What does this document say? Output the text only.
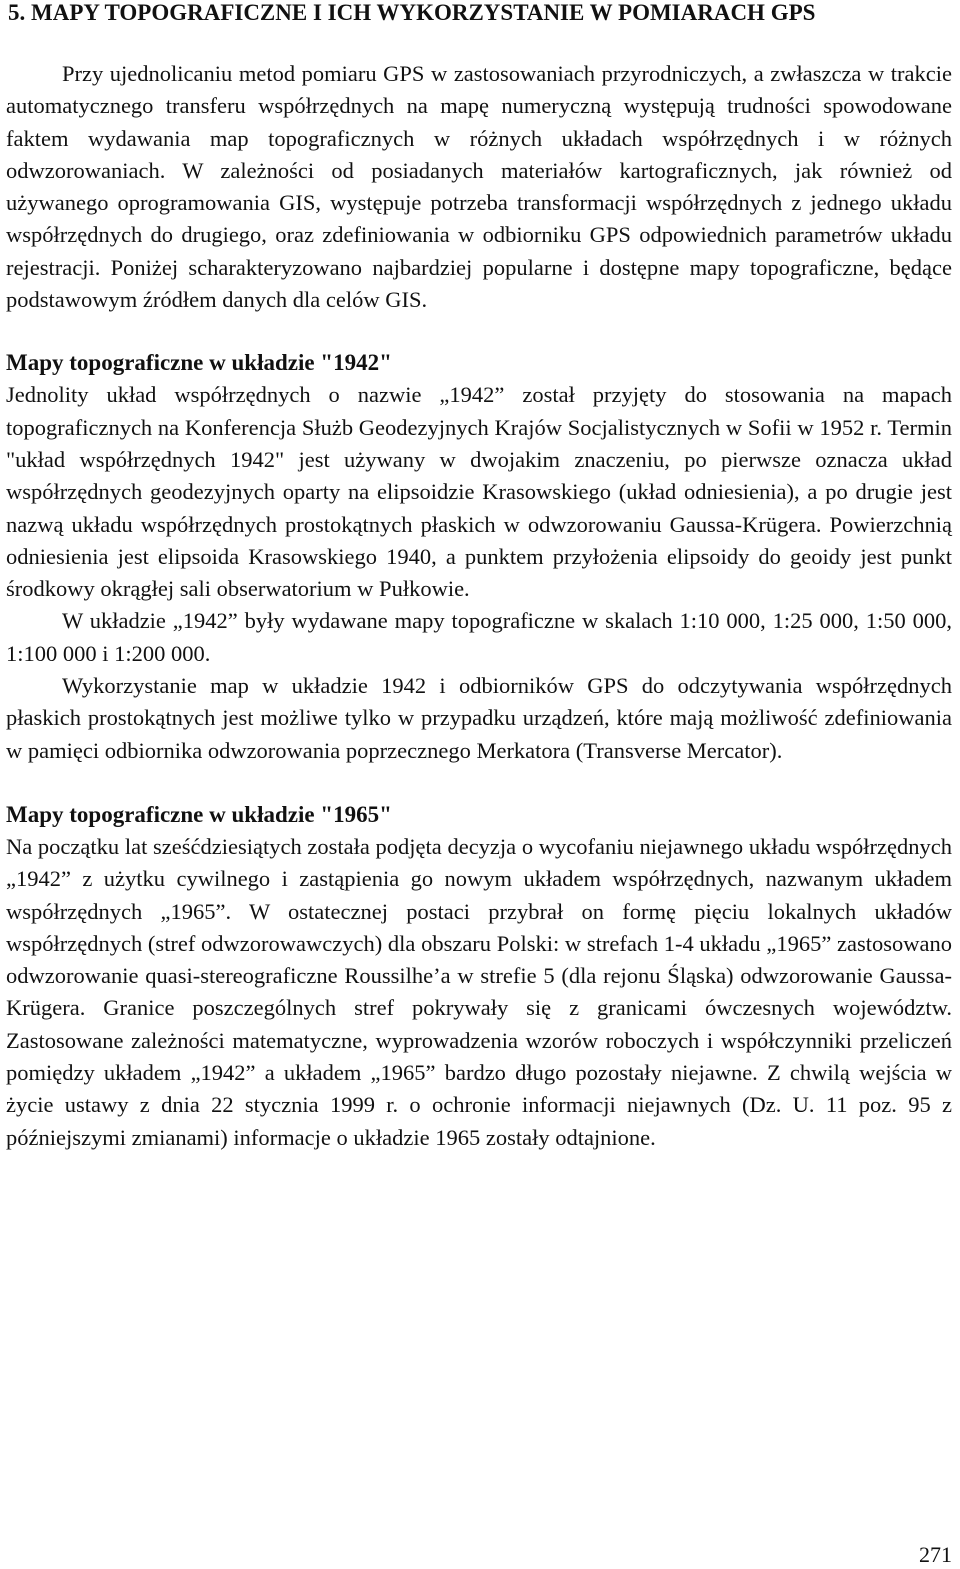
5. MAPY TOPOGRAFICZNE I ICH WYKORZYSTANIE W POMIARACH GPS

Przy ujednolicaniu metod pomiaru GPS w zastosowaniach przyrodniczych, a zwłaszcza w trakcie automatycznego transferu współrzędnych na mapę numeryczną występują trudności spowodowane faktem wydawania map topograficznych w różnych układach współrzędnych i w różnych odwzorowaniach. W zależności od posiadanych materiałów kartograficznych, jak również od używanego oprogramowania GIS, występuje potrzeba transformacji współrzędnych z jednego układu współrzędnych do drugiego, oraz zdefiniowania w odbiorniku GPS odpowiednich parametrów układu rejestracji. Poniżej scharakteryzowano najbardziej popularne i dostępne mapy topograficzne, będące podstawowym źródłem danych dla celów GIS.

Mapy topograficzne w układzie "1942"

Jednolity układ współrzędnych o nazwie „1942” został przyjęty do stosowania na mapach topograficznych na Konferencja Służb Geodezyjnych Krajów Socjalistycznych w Sofii w 1952 r. Termin "układ współrzędnych 1942" jest używany w dwojakim znaczeniu, po pierwsze oznacza układ współrzędnych geodezyjnych oparty na elipsoidzie Krasowskiego (układ odniesienia), a po drugie jest nazwą układu współrzędnych prostokątnych płaskich w odwzorowaniu Gaussa-Krügera. Powierzchnią odniesienia jest elipsoida Krasowskiego 1940, a punktem przyłożenia elipsoidy do geoidy jest punkt środkowy okrągłej sali obserwatorium w Pułkowie.

W układzie „1942” były wydawane mapy topograficzne w skalach 1:10 000, 1:25 000, 1:50 000, 1:100 000 i 1:200 000.

Wykorzystanie map w układzie 1942 i odbiorników GPS do odczytywania współrzędnych płaskich prostokątnych jest możliwe tylko w przypadku urządzeń, które mają możliwość zdefiniowania w pamięci odbiornika odwzorowania poprzecznego Merkatora (Transverse Mercator).

Mapy topograficzne w układzie "1965"

Na początku lat sześćdziesiątych została podjęta decyzja o wycofaniu niejawnego układu współrzędnych „1942” z użytku cywilnego i zastąpienia go nowym układem współrzędnych, nazwanym układem współrzędnych „1965”. W ostatecznej postaci przybrał on formę pięciu lokalnych układów współrzędnych (stref odwzorowawczych) dla obszaru Polski: w strefach 1-4 układu „1965” zastosowano odwzorowanie quasi-stereograficzne Roussilhe’a w strefie 5 (dla rejonu Śląska) odwzorowanie Gaussa-Krügera. Granice poszczególnych stref pokrywały się z granicami ówczesnych województw. Zastosowane zależności matematyczne, wyprowadzenia wzorów roboczych i współczynniki przeliczeń pomiędzy układem „1942” a układem „1965” bardzo długo pozostały niejawne. Z chwilą wejścia w życie ustawy z dnia 22 stycznia 1999 r. o ochronie informacji niejawnych (Dz. U. 11 poz. 95 z późniejszymi zmianami) informacje o układzie 1965 zostały odtajnione.

271
